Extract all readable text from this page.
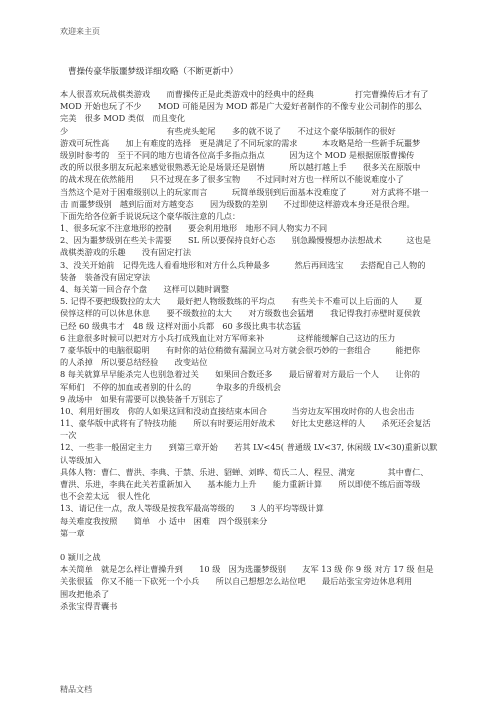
欢迎来主页
曹操传豪华版噩梦级详细攻略（不断更新中）
本人很喜欢玩战棋类游戏　　而曹操传正是此类游戏中的经典中的经典　　　　　打完曹操传后才有了
MOD 开始也玩了不少　　MOD 可能是因为 MOD 都是广大爱好者制作的不像专业公司制作的那么
完美　很多 MOD 类似　而且变化
少　　　　　　　　　　　　有些虎头蛇尾　　多的就不说了　　不过这个豪华版制作的很好
游戏可玩性高　　加上有难度的选择　更是满足了不同玩家的需求　　　本攻略是给一些新手玩噩梦
级别时参考的　至于不同的地方也请各位高手多指点指点　　　因为这个 MOD 是根据原版曹操传
改的所以很多朋友玩起来感觉很熟悉无论是场景还是剧情　　　所以越打越上手　　很多关在原版中
的战术现在依然能用　　只不过现在多了很多宝物　　不过同时对方也一样所以不能说难度小了
当然这个是对于困难级别以上的玩家而言　　　玩简单级别到后面基本没难度了　　　对方武将不堪一
击 而噩梦级别　越到后面对方越变态　　因为级数的差别　　不过即使这样游戏本身还是很合理。
下面先给各位新手说说玩这个豪华版注意的几点：
1、很多玩家不注意地形的控制　　要会利用地形　地形不同人物实力不同
2、因为噩梦级别在些关卡需要　　SL 所以要保持良好心态　　别急躁慢慢想办法想战术　　　这也是
战棋类游戏的乐趣　　没有固定打法
3、没关开始前　记得先选人看看地形和对方什么兵种最多　　　然后再回选宝　　去搭配自己人物的
装备　装备没有固定穿法
4、每关第一回合存个盘　　这样可以随时调整
5. 记得不要把级数拉的太大　　最好把人物级数练的平均点　　有些关卡不难可以上后面的人　　夏
侯惇这样的可以休息休息　　要不级数拉的太大　　对方级数也会猛增　　我记得我打赤壁时夏侯敦
已经 60 级典韦才　48 级 这样对面小兵都　60 多级比典韦状态猛
6 注意很多时候可以把对方小兵打成残血让对方军师来补　　　　这样能缓解自己这边的压力
7 豪华版中的电脑很聪明　　有时你的站位稍微有漏洞立马对方就会很巧妙的一套组合　　　能把你
的人杀掉　所以要总结经验　　改变站位
8 每关就算早早能杀完人也别急着过关　　如果回合数还多　　最后留着对方最后一个人　　让你的
军师们　不停的加血或者别的什么的　　　争取多的升级机会
9 战场中　如果有需要可以换装备千万别忘了
10、利用好围攻　你的人如果这回和没动直接结束本回合　　　当旁边友军围攻时你的人也会出击
11、豪华版中武将有了特技功能　　所以有时要运用好战术　　好比太史慈这样的人　　杀死还会复活
一次
12、一些非一般固定主力　　到第三章开始　　若其 LV<45( 普通级 LV<37, 休闲级 LV<30)重新以默
认等级加入
具体人物：曹仁、曹洪、李典、于禁、乐进、貂蝉、刘晔、荀氏二人、程昱、满宠　　　　其中曹仁、
曹洪、乐进，李典在此关若重新加入　　基本能力上升　　能力重新计算　　所以即使不练后面等级
也不会差太远　很人性化
13、请记住一点，敌人等级是按我军最高等级的　　3 人的平均等级计算
每关难度我按照　　简单　小 适中　困难　四个级别来分
第一章
0 颍川之战
本关简单　就是怎么样让曹操升到　　10 级　因为选噩梦级别　　友军 13 级 你 9 级 对方 17 级 但是
关张很猛　你又不能一下砍死一个小兵　　所以自己想想怎么站位吧　　最后站张宝旁边休息利用
围攻把他杀了
杀张宝得青囊书
精品文档
